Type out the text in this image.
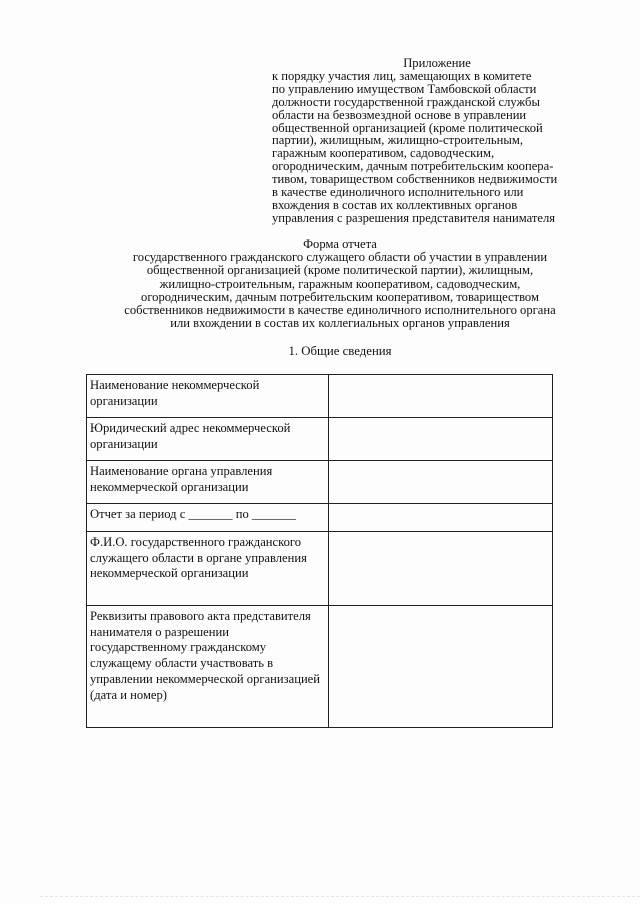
Приложение
к порядку участия лиц, замещающих в комитете
по управлению имуществом Тамбовской области
должности государственной гражданской службы
области на безвозмездной основе в управлении
общественной организацией (кроме политической
партии), жилищным, жилищно-строительным,
гаражным кооперативом, садоводческим,
огородническим, дачным потребительским коопера-
тивом, товариществом собственников недвижимости
в качестве единоличного исполнительного или
вхождения в состав их коллективных органов
управления с разрешения представителя нанимателя
Форма отчета
государственного гражданского служащего области об участии в управлении
общественной организацией (кроме политической партии), жилищным,
жилищно-строительным, гаражным кооперативом, садоводческим,
огородническим, дачным потребительским кооперативом, товариществом
собственников недвижимости в качестве единоличного исполнительного органа
или вхождении в состав их коллегиальных органов управления
1. Общие сведения
Наименование некоммерческой организации	
Юридический адрес некоммерческой организации	
Наименование органа управления некоммерческой организации	
Отчет за период с _______ по _______	
Ф.И.О. государственного гражданского служащего области в органе управления некоммерческой организации	
Реквизиты правового акта представителя нанимателя о разрешении государственному гражданскому служащему области участвовать в управлении некоммерческой организацией (дата и номер)	
